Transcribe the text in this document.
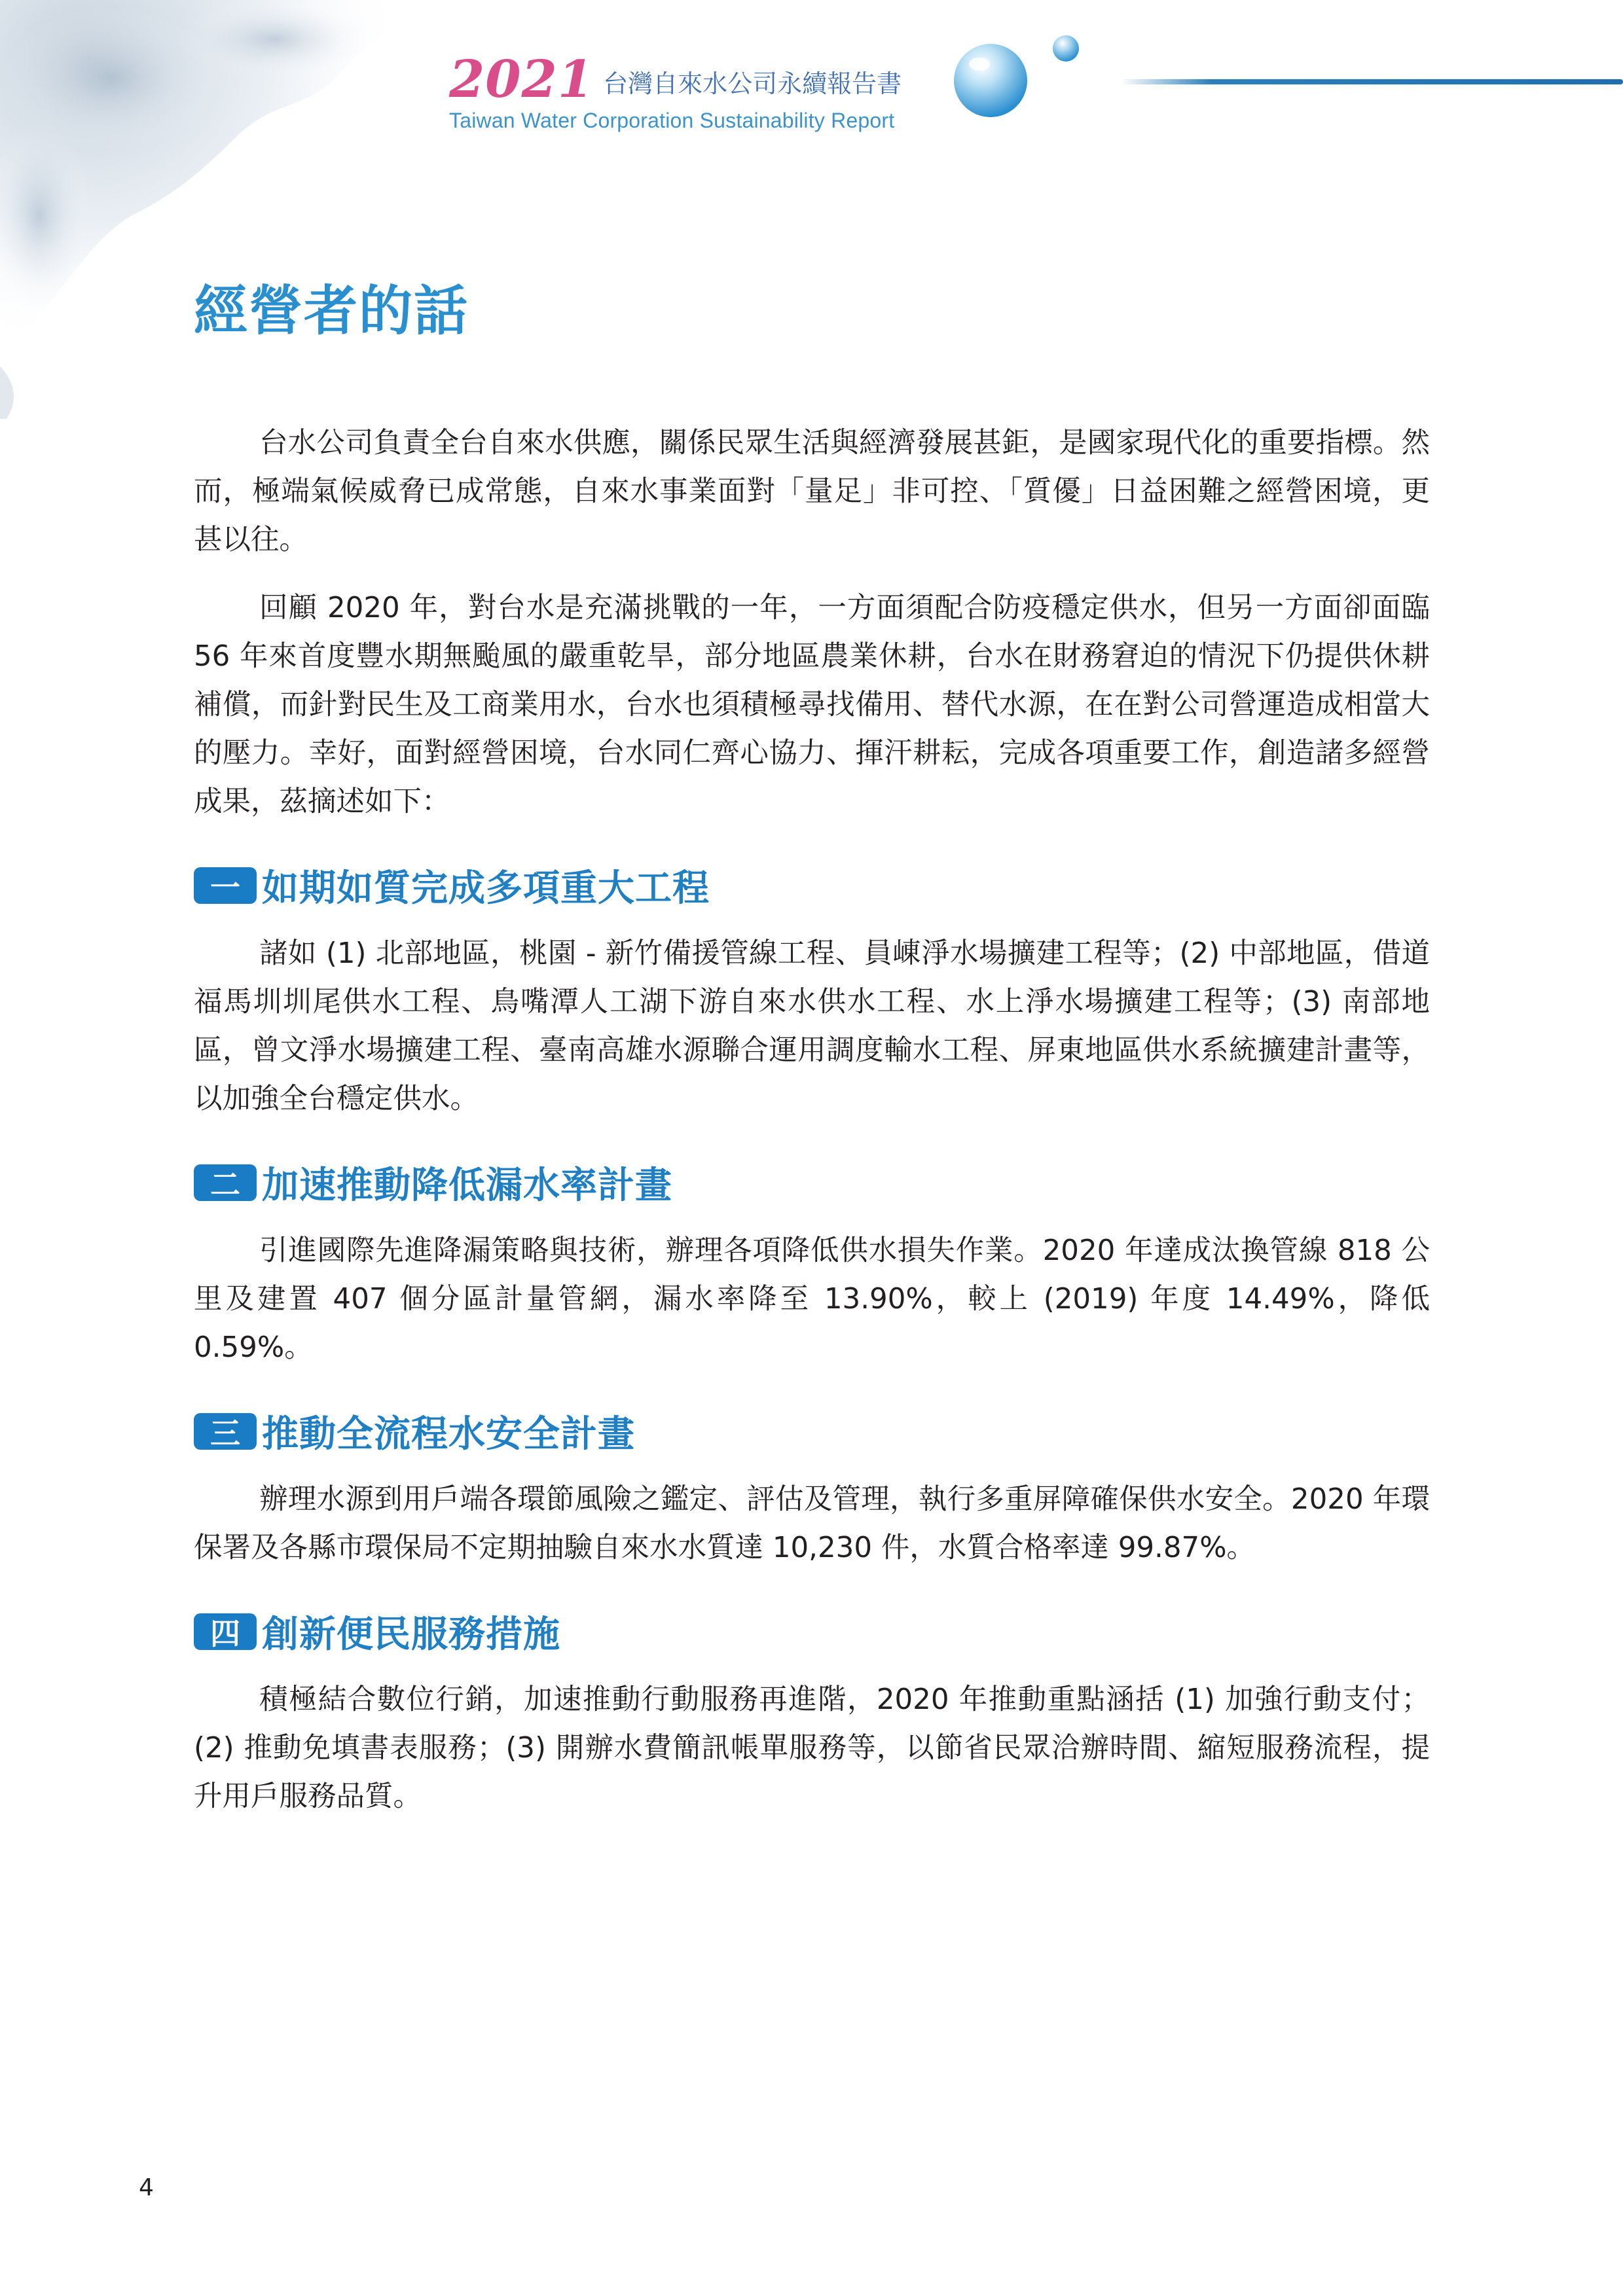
2021 台灣自來水公司永續報告書
Taiwan Water Corporation Sustainability Report
經營者的話

台水公司負責全台自來水供應，關係民眾生活與經濟發展甚鉅，是國家現代化的重要指標。然而，極端氣候威脅已成常態，自來水事業面對「量足」非可控、「質優」日益困難之經營困境，更甚以往。

回顧 2020 年，對台水是充滿挑戰的一年，一方面須配合防疫穩定供水，但另一方面卻面臨 56 年來首度豐水期無颱風的嚴重乾旱，部分地區農業休耕，台水在財務窘迫的情況下仍提供休耕補償，而針對民生及工商業用水，台水也須積極尋找備用、替代水源，在在對公司營運造成相當大的壓力。幸好，面對經營困境，台水同仁齊心協力、揮汗耕耘，完成各項重要工作，創造諸多經營成果，茲摘述如下：

一 如期如質完成多項重大工程

諸如 (1) 北部地區，桃園 - 新竹備援管線工程、員崠淨水場擴建工程等；(2) 中部地區，借道福馬圳圳尾供水工程、鳥嘴潭人工湖下游自來水供水工程、水上淨水場擴建工程等；(3) 南部地區，曾文淨水場擴建工程、臺南高雄水源聯合運用調度輸水工程、屏東地區供水系統擴建計畫等，以加強全台穩定供水。

二 加速推動降低漏水率計畫

引進國際先進降漏策略與技術，辦理各項降低供水損失作業。2020 年達成汰換管線 818 公里及建置 407 個分區計量管網，漏水率降至 13.90%，較上 (2019) 年度 14.49%，降低 0.59%。

三 推動全流程水安全計畫

辦理水源到用戶端各環節風險之鑑定、評估及管理，執行多重屏障確保供水安全。2020 年環保署及各縣市環保局不定期抽驗自來水水質達 10,230 件，水質合格率達 99.87%。

四 創新便民服務措施

積極結合數位行銷，加速推動行動服務再進階，2020 年推動重點涵括 (1) 加強行動支付；(2) 推動免填書表服務；(3) 開辦水費簡訊帳單服務等，以節省民眾洽辦時間、縮短服務流程，提升用戶服務品質。

4
